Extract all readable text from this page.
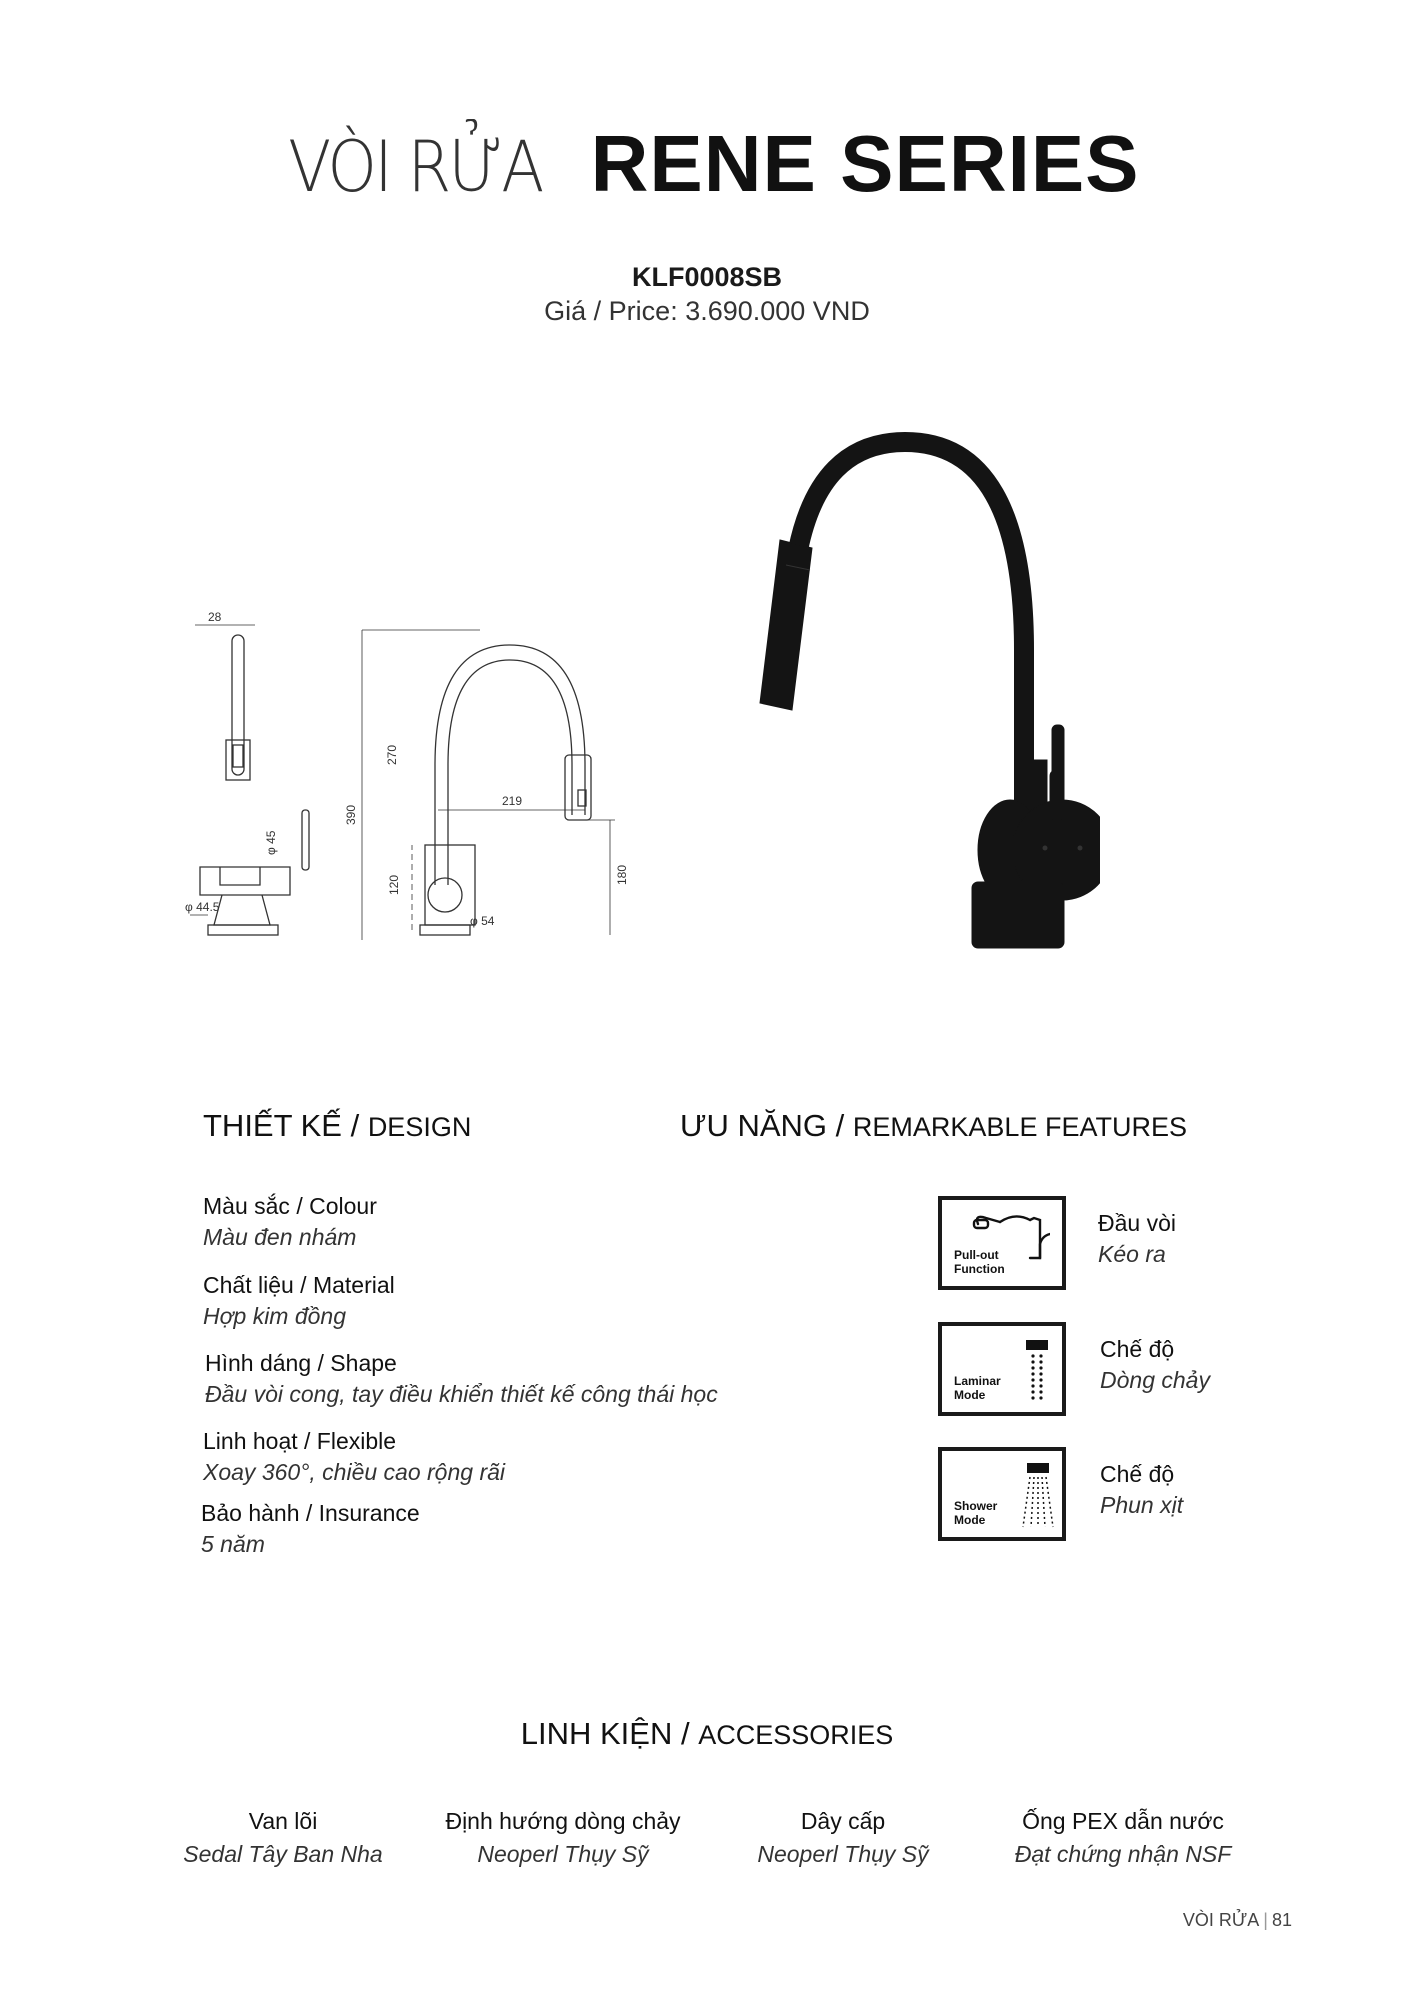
VÒI RỬA RENE SERIES
KLF0008SB
Giá / Price: 3.690.000 VND
28
φ 45
φ 44.5
390
270
120
219
180
φ 54
THIẾT KẾ / DESIGN
Màu sắc / Colour
Màu đen nhám
Chất liệu / Material
Hợp kim đồng
Hình dáng / Shape
Đầu vòi cong, tay điều khiển thiết kế công thái học
Linh hoạt / Flexible
Xoay 360°, chiều cao rộng rãi
Bảo hành / Insurance
5 năm
ƯU NĂNG / REMARKABLE FEATURES
Pull-out
Function
Đầu vòi
Kéo ra
Laminar
Mode
Chế độ
Dòng chảy
Shower
Mode
Chế độ
Phun xịt
LINH KIỆN / ACCESSORIES
Van lõi
Sedal Tây Ban Nha
Định hướng dòng chảy
Neoperl Thụy Sỹ
Dây cấp
Neoperl Thụy Sỹ
Ống PEX dẫn nước
Đạt chứng nhận NSF
VÒI RỬA | 81
